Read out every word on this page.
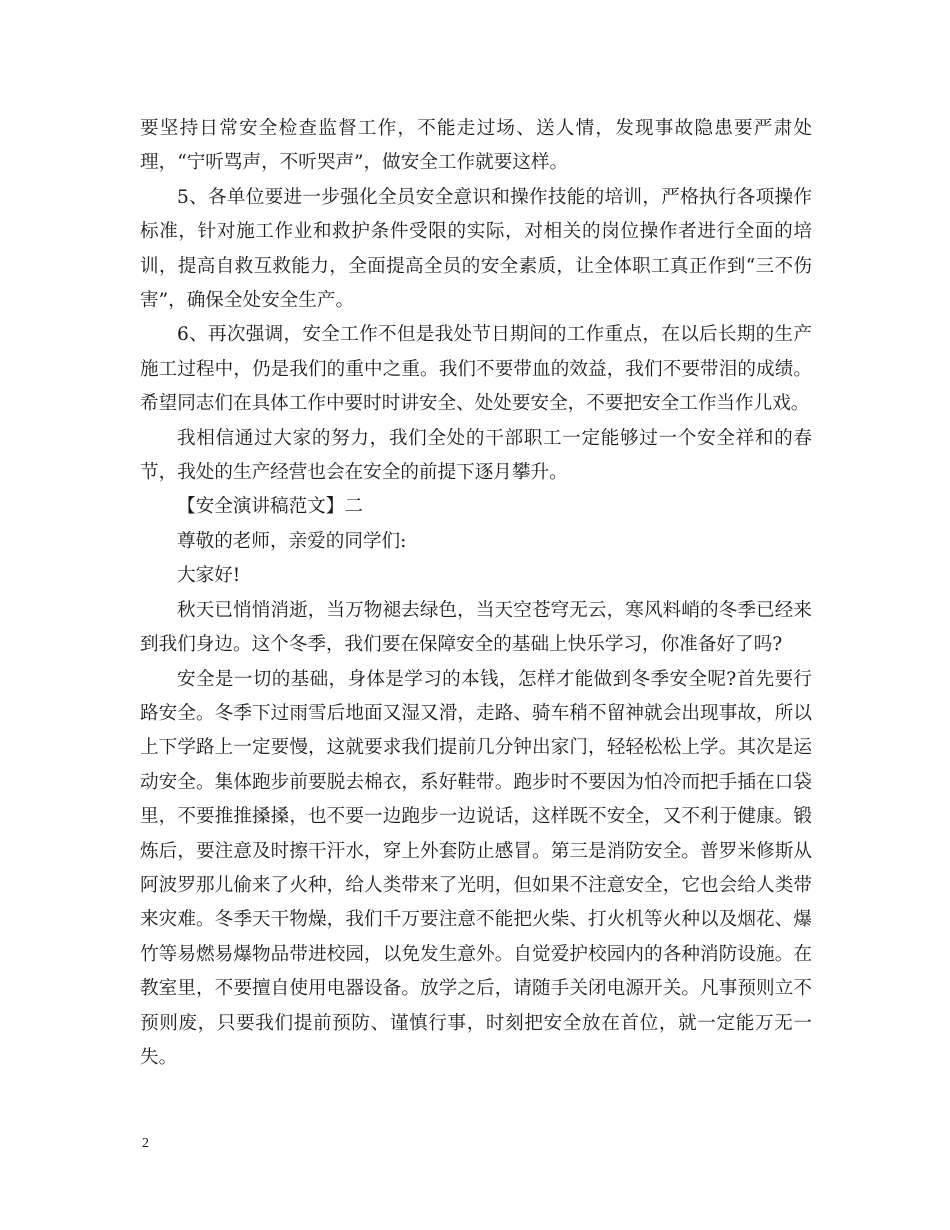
要坚持日常安全检查监督工作，不能走过场、送人情，发现事故隐患要严肃处理，“宁听骂声，不听哭声”，做安全工作就要这样。

5、各单位要进一步强化全员安全意识和操作技能的培训，严格执行各项操作标准，针对施工作业和救护条件受限的实际，对相关的岗位操作者进行全面的培训，提高自救互救能力，全面提高全员的安全素质，让全体职工真正作到“三不伤害”，确保全处安全生产。

6、再次强调，安全工作不但是我处节日期间的工作重点，在以后长期的生产施工过程中，仍是我们的重中之重。我们不要带血的效益，我们不要带泪的成绩。希望同志们在具体工作中要时时讲安全、处处要安全，不要把安全工作当作儿戏。

我相信通过大家的努力，我们全处的干部职工一定能够过一个安全祥和的春节，我处的生产经营也会在安全的前提下逐月攀升。

【安全演讲稿范文】二

尊敬的老师，亲爱的同学们:

大家好!

秋天已悄悄消逝，当万物褪去绿色，当天空苍穹无云，寒风料峭的冬季已经来到我们身边。这个冬季，我们要在保障安全的基础上快乐学习，你准备好了吗?

安全是一切的基础，身体是学习的本钱，怎样才能做到冬季安全呢?首先要行路安全。冬季下过雨雪后地面又湿又滑，走路、骑车稍不留神就会出现事故，所以上下学路上一定要慢，这就要求我们提前几分钟出家门，轻轻松松上学。其次是运动安全。集体跑步前要脱去棉衣，系好鞋带。跑步时不要因为怕冷而把手插在口袋里，不要推推搡搡，也不要一边跑步一边说话，这样既不安全，又不利于健康。锻炼后，要注意及时擦干汗水，穿上外套防止感冒。第三是消防安全。普罗米修斯从阿波罗那儿偷来了火种，给人类带来了光明，但如果不注意安全，它也会给人类带来灾难。冬季天干物燥，我们千万要注意不能把火柴、打火机等火种以及烟花、爆竹等易燃易爆物品带进校园，以免发生意外。自觉爱护校园内的各种消防设施。在教室里，不要擅自使用电器设备。放学之后，请随手关闭电源开关。凡事预则立不预则废，只要我们提前预防、谨慎行事，时刻把安全放在首位，就一定能万无一失。

2
